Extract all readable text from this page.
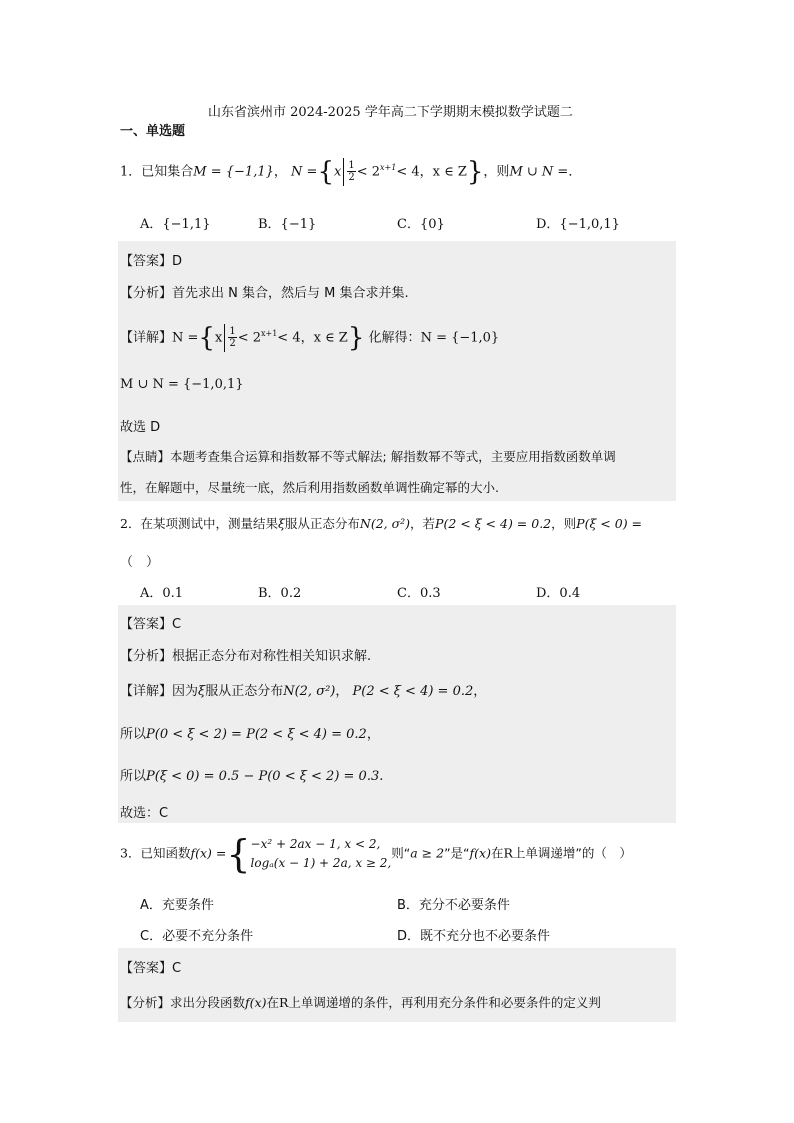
山东省滨州市 2024-2025 学年高二下学期期末模拟数学试题二
一、单选题
1．已知集合M = {−1,1}， $N =\{x \frac{1}{2} < 2^{x+1}< 4$，x ∈ Z}，则M ∪ N =．
A．{−1,1}	B．{−1}	C．{0}	D．{−1,0,1}
【答案】D
【分析】首先求出 N 集合，然后与 M 集合求并集.
【详解】$N =\{x \frac{1}{2} < 2^{x+1}< 4$，x ∈ Z} 化解得：N = {−1,0}
M ∪ N = {−1,0,1}
故选 D
【点睛】本题考查集合运算和指数幂不等式解法; 解指数幂不等式，主要应用指数函数单调
性，在解题中，尽量统一底，然后利用指数函数单调性确定幂的大小.
2．在某项测试中，测量结果ξ服从正态分布N(2, σ²)，若P(2 < ξ < 4) = 0.2，则P(ξ < 0) =
（　）
A．0.1	B．0.2	C．0.3	D．0.4
【答案】C
【分析】根据正态分布对称性相关知识求解.
【详解】因为ξ服从正态分布N(2, σ²)， P(2 < ξ < 4) = 0.2，
所以P(0 < ξ < 2) = P(2 < ξ < 4) = 0.2，
所以P(ξ < 0) = 0.5 − P(0 < ξ < 2) = 0.3.
故选：C
3．已知函数f(x) ={ −x² + 2ax − 1, x < 2,
logₐ(x − 1) + 2a, x ≥ 2,
则“a ≥ 2”是“f(x)在R上单调递增”的（　）
A．充要条件	B．充分不必要条件
C．必要不充分条件	D．既不充分也不必要条件
【答案】C
【分析】求出分段函数f(x)在R上单调递增的条件，再利用充分条件和必要条件的定义判
